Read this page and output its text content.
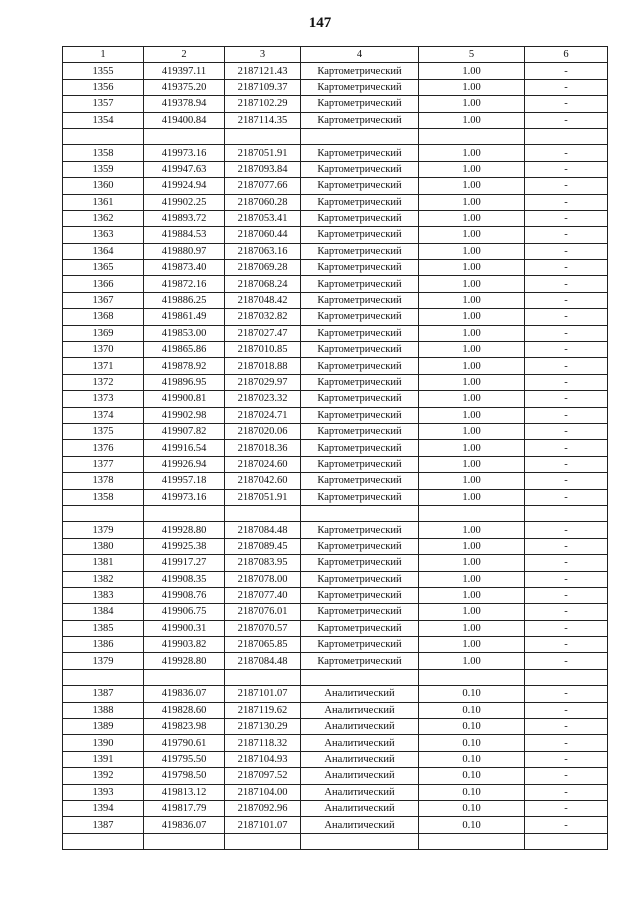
147
1	2	3	4	5	6
1355	419397.11	2187121.43	Картометрический	1.00	-
1356	419375.20	2187109.37	Картометрический	1.00	-
1357	419378.94	2187102.29	Картометрический	1.00	-
1354	419400.84	2187114.35	Картометрический	1.00	-

1358	419973.16	2187051.91	Картометрический	1.00	-
1359	419947.63	2187093.84	Картометрический	1.00	-
1360	419924.94	2187077.66	Картометрический	1.00	-
1361	419902.25	2187060.28	Картометрический	1.00	-
1362	419893.72	2187053.41	Картометрический	1.00	-
1363	419884.53	2187060.44	Картометрический	1.00	-
1364	419880.97	2187063.16	Картометрический	1.00	-
1365	419873.40	2187069.28	Картометрический	1.00	-
1366	419872.16	2187068.24	Картометрический	1.00	-
1367	419886.25	2187048.42	Картометрический	1.00	-
1368	419861.49	2187032.82	Картометрический	1.00	-
1369	419853.00	2187027.47	Картометрический	1.00	-
1370	419865.86	2187010.85	Картометрический	1.00	-
1371	419878.92	2187018.88	Картометрический	1.00	-
1372	419896.95	2187029.97	Картометрический	1.00	-
1373	419900.81	2187023.32	Картометрический	1.00	-
1374	419902.98	2187024.71	Картометрический	1.00	-
1375	419907.82	2187020.06	Картометрический	1.00	-
1376	419916.54	2187018.36	Картометрический	1.00	-
1377	419926.94	2187024.60	Картометрический	1.00	-
1378	419957.18	2187042.60	Картометрический	1.00	-
1358	419973.16	2187051.91	Картометрический	1.00	-

1379	419928.80	2187084.48	Картометрический	1.00	-
1380	419925.38	2187089.45	Картометрический	1.00	-
1381	419917.27	2187083.95	Картометрический	1.00	-
1382	419908.35	2187078.00	Картометрический	1.00	-
1383	419908.76	2187077.40	Картометрический	1.00	-
1384	419906.75	2187076.01	Картометрический	1.00	-
1385	419900.31	2187070.57	Картометрический	1.00	-
1386	419903.82	2187065.85	Картометрический	1.00	-
1379	419928.80	2187084.48	Картометрический	1.00	-

1387	419836.07	2187101.07	Аналитический	0.10	-
1388	419828.60	2187119.62	Аналитический	0.10	-
1389	419823.98	2187130.29	Аналитический	0.10	-
1390	419790.61	2187118.32	Аналитический	0.10	-
1391	419795.50	2187104.93	Аналитический	0.10	-
1392	419798.50	2187097.52	Аналитический	0.10	-
1393	419813.12	2187104.00	Аналитический	0.10	-
1394	419817.79	2187092.96	Аналитический	0.10	-
1387	419836.07	2187101.07	Аналитический	0.10	-
